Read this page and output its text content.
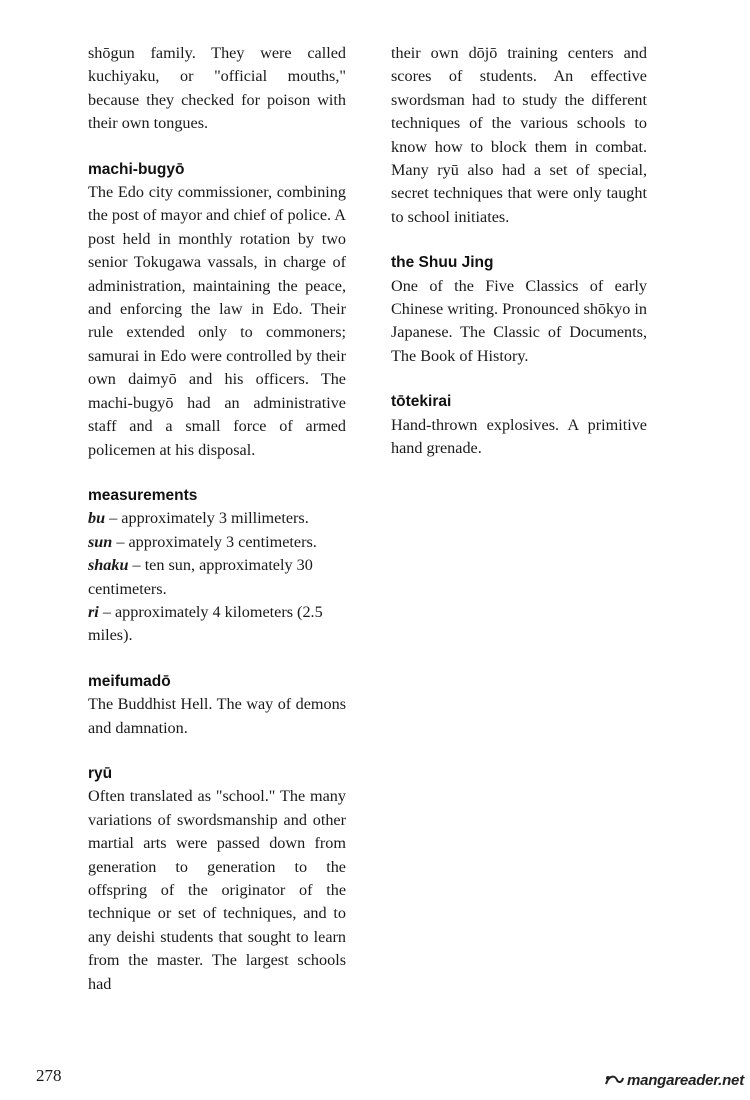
shōgun family. They were called kuchiyaku, or "official mouths," because they checked for poison with their own tongues.

machi-bugyō

The Edo city commissioner, combining the post of mayor and chief of police. A post held in monthly rotation by two senior Tokugawa vassals, in charge of administration, maintaining the peace, and enforcing the law in Edo. Their rule extended only to commoners; samurai in Edo were controlled by their own daimyō and his officers. The machi-bugyō had an administrative staff and a small force of armed policemen at his disposal.

measurements

bu – approximately 3 millimeters.

sun – approximately 3 centimeters.

shaku – ten sun, approximately 30 centimeters.

ri – approximately 4 kilometers (2.5 miles).

meifumadō

The Buddhist Hell. The way of demons and damnation.

ryū

Often translated as "school." The many variations of swordsmanship and other martial arts were passed down from generation to generation to the offspring of the originator of the technique or set of techniques, and to any deishi students that sought to learn from the master. The largest schools had

their own dōjō training centers and scores of students. An effective swordsman had to study the different techniques of the various schools to know how to block them in combat. Many ryū also had a set of special, secret techniques that were only taught to school initiates.

the Shuu Jing

One of the Five Classics of early Chinese writing. Pronounced shōkyo in Japanese. The Classic of Documents, The Book of History.

tōtekirai

Hand-thrown explosives. A primitive hand grenade.

278	mangareader.net
